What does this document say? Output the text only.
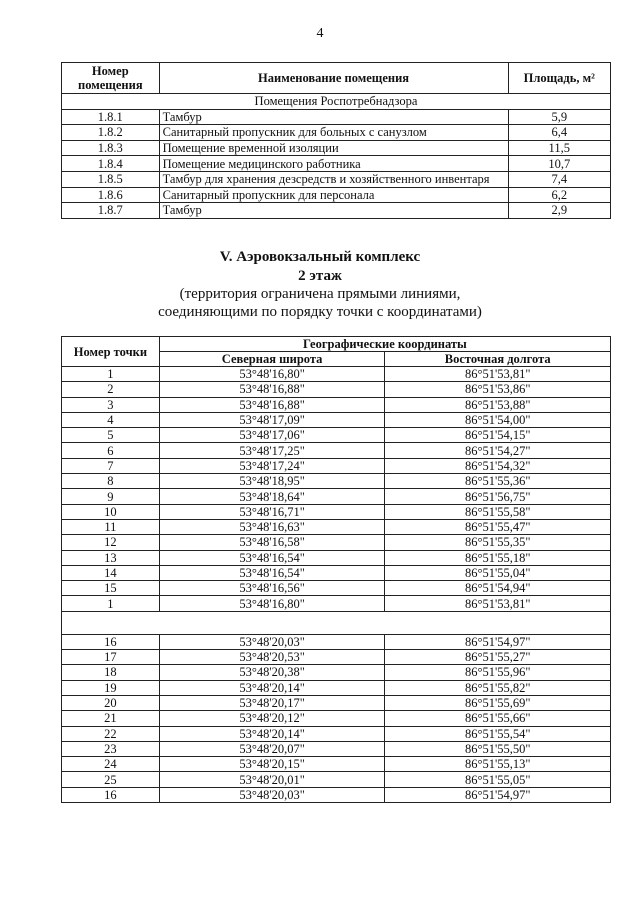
4
Номер помещения	Наименование помещения	Площадь, м²
Помещения Роспотребнадзора		
1.8.1	Тамбур	5,9
1.8.2	Санитарный пропускник для больных с санузлом	6,4
1.8.3	Помещение временной изоляции	11,5
1.8.4	Помещение медицинского работника	10,7
1.8.5	Тамбур для хранения дезсредств и хозяйственного инвентаря	7,4
1.8.6	Санитарный пропускник для персонала	6,2
1.8.7	Тамбур	2,9
V. Аэровокзальный комплекс
2 этаж
(территория ограничена прямыми линиями,
соединяющими по порядку точки с координатами)
Номер точки	Географические координаты	
	Северная широта	Восточная долгота
1	53°48'16,80"	86°51'53,81"
2	53°48'16,88"	86°51'53,86"
3	53°48'16,88"	86°51'53,88"
4	53°48'17,09"	86°51'54,00"
5	53°48'17,06"	86°51'54,15"
6	53°48'17,25"	86°51'54,27"
7	53°48'17,24"	86°51'54,32"
8	53°48'18,95"	86°51'55,36"
9	53°48'18,64"	86°51'56,75"
10	53°48'16,71"	86°51'55,58"
11	53°48'16,63"	86°51'55,47"
12	53°48'16,58"	86°51'55,35"
13	53°48'16,54"	86°51'55,18"
14	53°48'16,54"	86°51'55,04"
15	53°48'16,56"	86°51'54,94"
1	53°48'16,80"	86°51'53,81"

16	53°48'20,03"	86°51'54,97"
17	53°48'20,53"	86°51'55,27"
18	53°48'20,38"	86°51'55,96"
19	53°48'20,14"	86°51'55,82"
20	53°48'20,17"	86°51'55,69"
21	53°48'20,12"	86°51'55,66"
22	53°48'20,14"	86°51'55,54"
23	53°48'20,07"	86°51'55,50"
24	53°48'20,15"	86°51'55,13"
25	53°48'20,01"	86°51'55,05"
16	53°48'20,03"	86°51'54,97"
